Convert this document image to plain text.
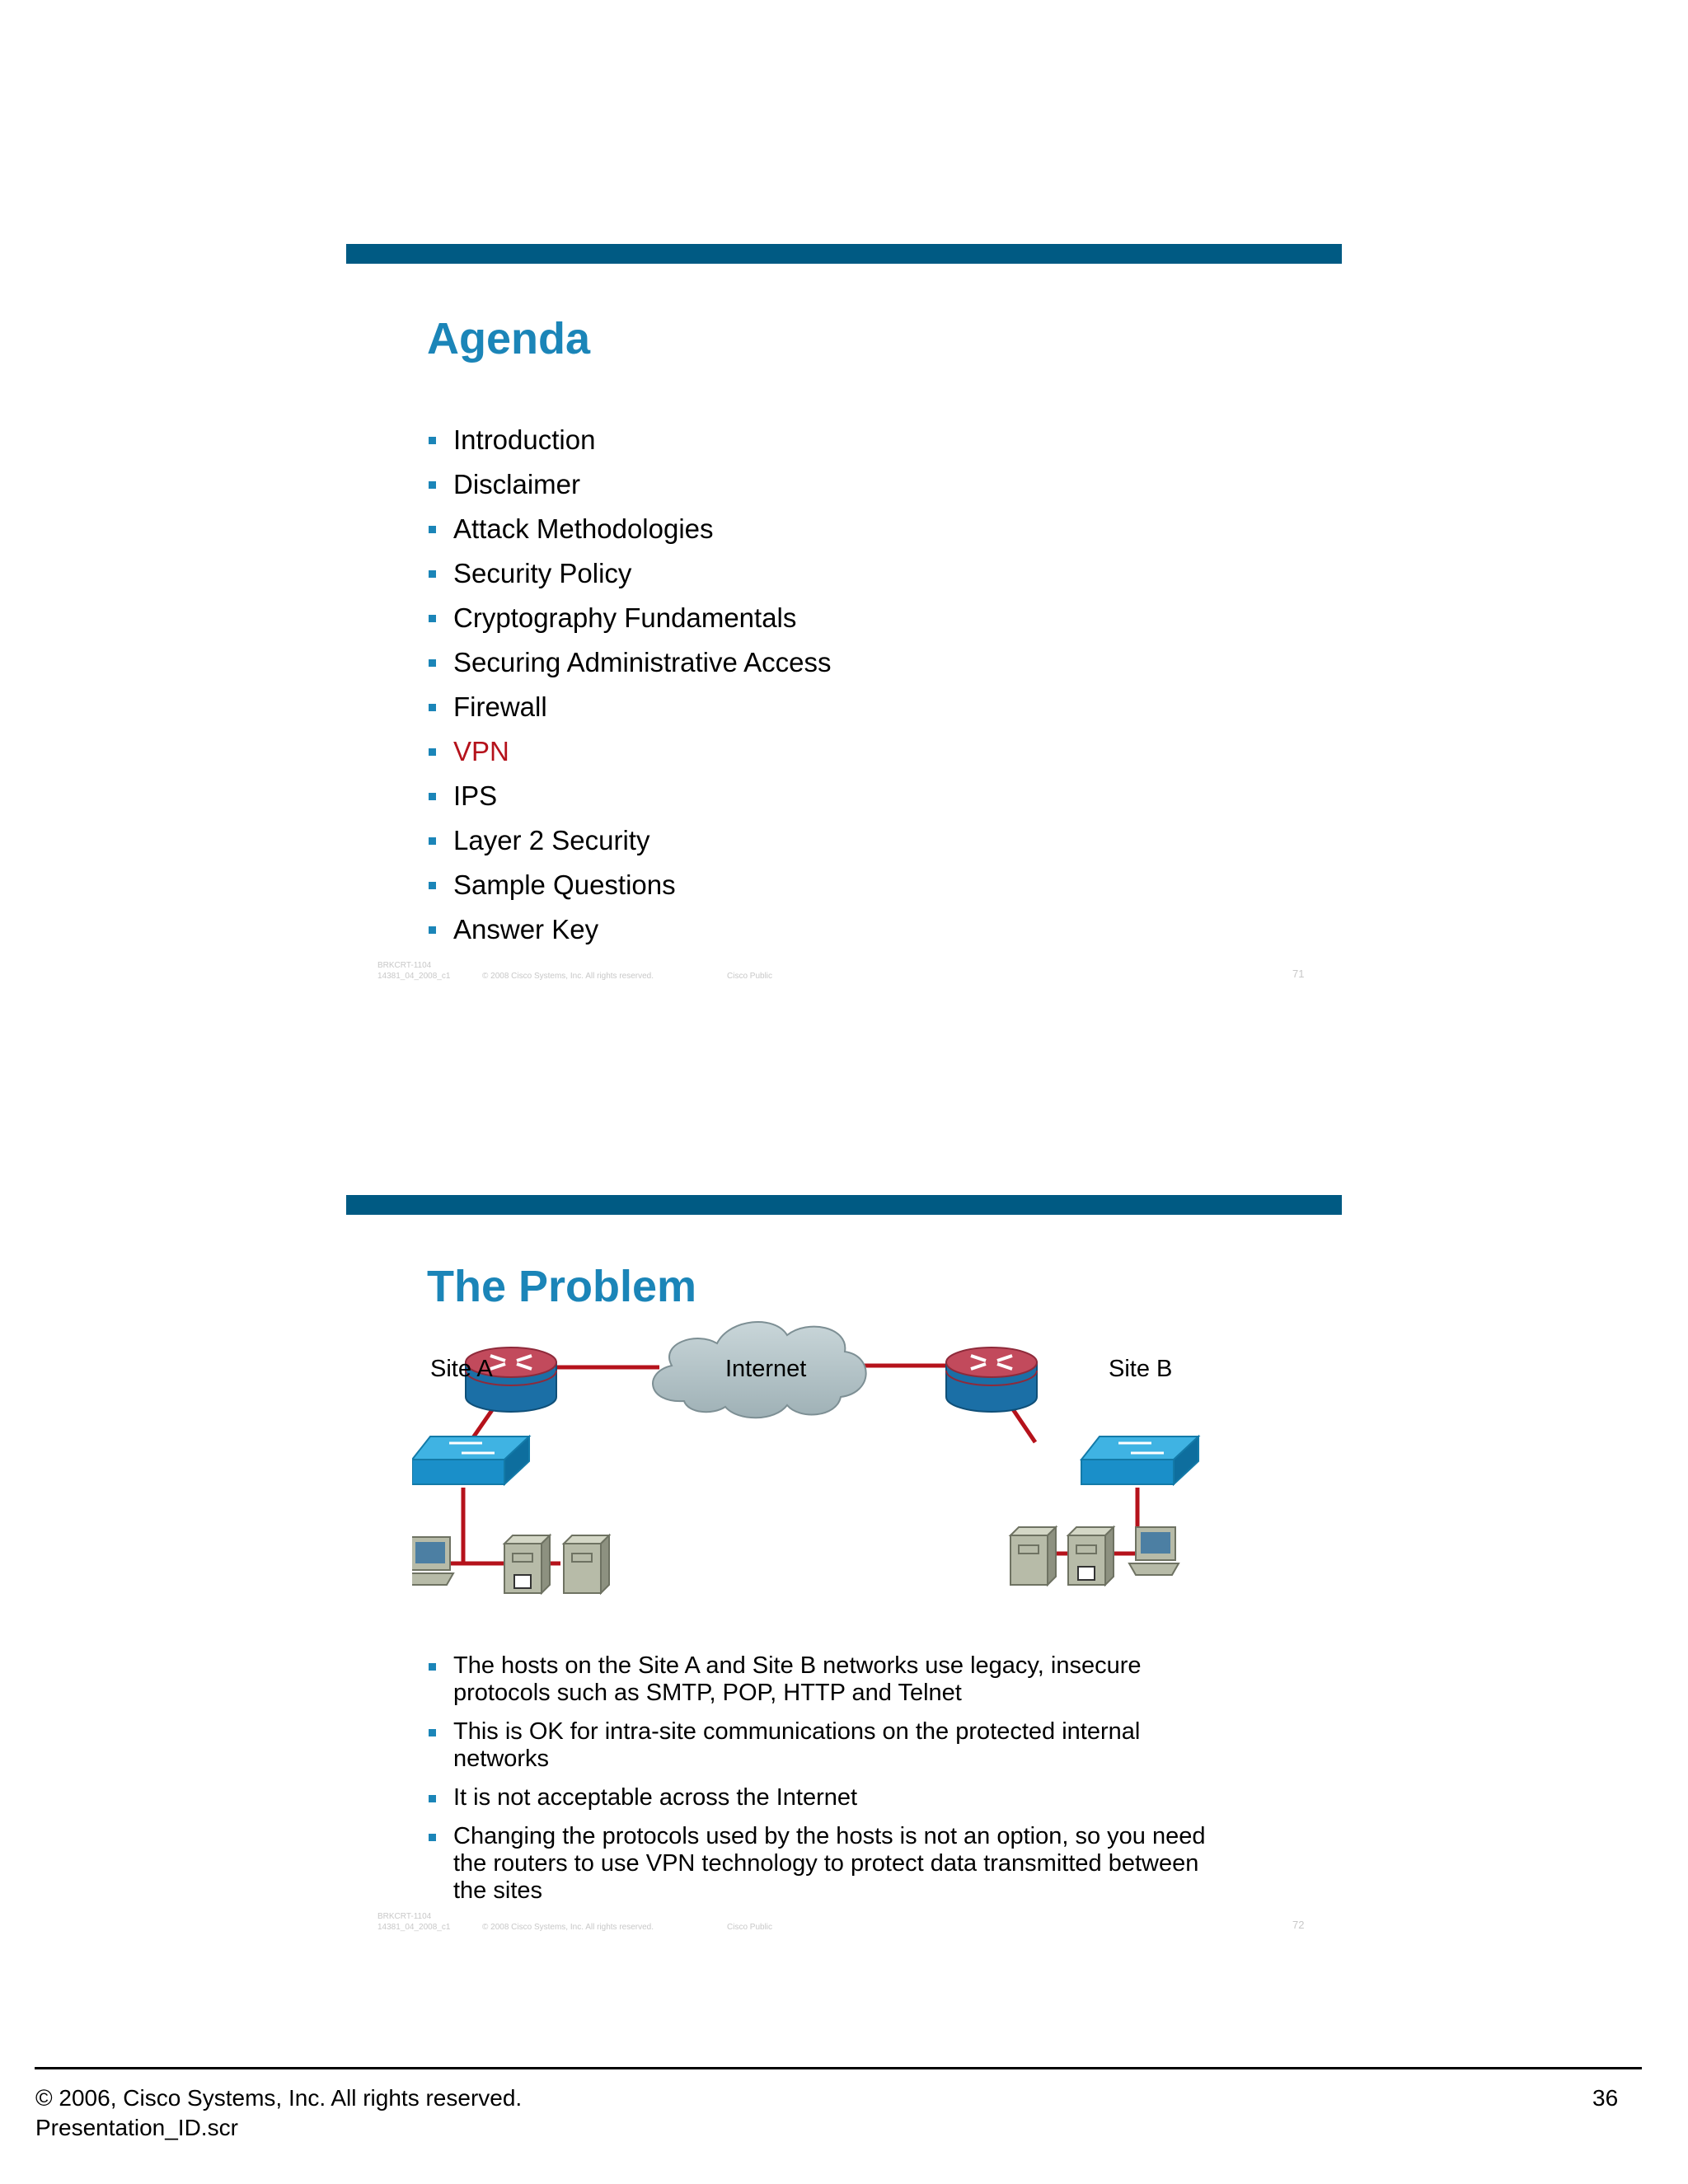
Agenda
Introduction
Disclaimer
Attack Methodologies
Security Policy
Cryptography Fundamentals
Securing Administrative Access
Firewall
VPN
IPS
Layer 2 Security
Sample Questions
Answer Key
BRKCRT-1104
14381_04_2008_c1	© 2008 Cisco Systems, Inc. All rights reserved.	Cisco Public	71
The Problem
Site A	Internet	Site B
The hosts on the Site A and Site B networks use legacy, insecure protocols such as SMTP, POP, HTTP and Telnet
This is OK for intra-site communications on the protected internal networks
It is not acceptable across the Internet
Changing the protocols used by the hosts is not an option, so you need the routers to use VPN technology to protect data transmitted between the sites
BRKCRT-1104
14381_04_2008_c1	© 2008 Cisco Systems, Inc. All rights reserved.	Cisco Public	72
© 2006, Cisco Systems, Inc. All rights reserved.
Presentation_ID.scr
36
